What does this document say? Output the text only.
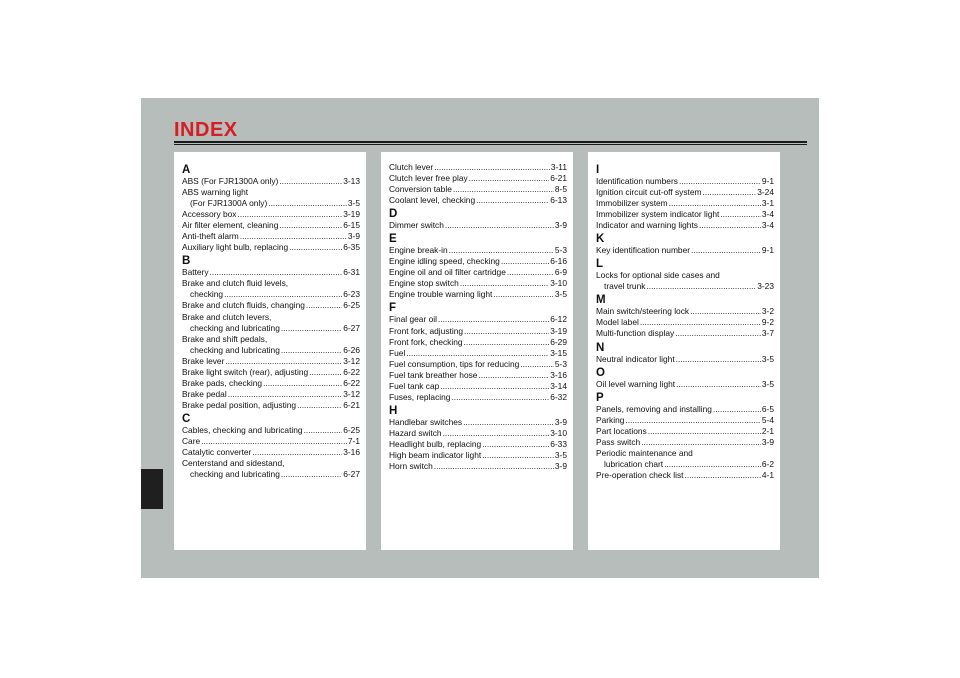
INDEX
A
ABS (For FJR1300A only) .....	3-13
ABS warning light
(For FJR1300A only) .....	3-5
Accessory box .....	3-19
Air filter element, cleaning .....	6-15
Anti-theft alarm .....	3-9
Auxiliary light bulb, replacing .....	6-35
B
Battery .....	6-31
Brake and clutch fluid levels,
checking .....	6-23
Brake and clutch fluids, changing .....	6-25
Brake and clutch levers,
checking and lubricating .....	6-27
Brake and shift pedals,
checking and lubricating .....	6-26
Brake lever .....	3-12
Brake light switch (rear), adjusting .....	6-22
Brake pads, checking .....	6-22
Brake pedal .....	3-12
Brake pedal position, adjusting .....	6-21
C
Cables, checking and lubricating .....	6-25
Care .....	7-1
Catalytic converter .....	3-16
Centerstand and sidestand,
checking and lubricating .....	6-27
Clutch lever .....	3-11
Clutch lever free play .....	6-21
Conversion table .....	8-5
Coolant level, checking .....	6-13
D
Dimmer switch .....	3-9
E
Engine break-in .....	5-3
Engine idling speed, checking .....	6-16
Engine oil and oil filter cartridge .....	6-9
Engine stop switch .....	3-10
Engine trouble warning light .....	3-5
F
Final gear oil .....	6-12
Front fork, adjusting .....	3-19
Front fork, checking .....	6-29
Fuel .....	3-15
Fuel consumption, tips for reducing .....	5-3
Fuel tank breather hose .....	3-16
Fuel tank cap .....	3-14
Fuses, replacing .....	6-32
H
Handlebar switches .....	3-9
Hazard switch .....	3-10
Headlight bulb, replacing .....	6-33
High beam indicator light .....	3-5
Horn switch .....	3-9
I
Identification numbers .....	9-1
Ignition circuit cut-off system .....	3-24
Immobilizer system .....	3-1
Immobilizer system indicator light .....	3-4
Indicator and warning lights .....	3-4
K
Key identification number .....	9-1
L
Locks for optional side cases and
travel trunk .....	3-23
M
Main switch/steering lock .....	3-2
Model label .....	9-2
Multi-function display .....	3-7
N
Neutral indicator light .....	3-5
O
Oil level warning light .....	3-5
P
Panels, removing and installing .....	6-5
Parking .....	5-4
Part locations .....	2-1
Pass switch .....	3-9
Periodic maintenance and
lubrication chart .....	6-2
Pre-operation check list .....	4-1
